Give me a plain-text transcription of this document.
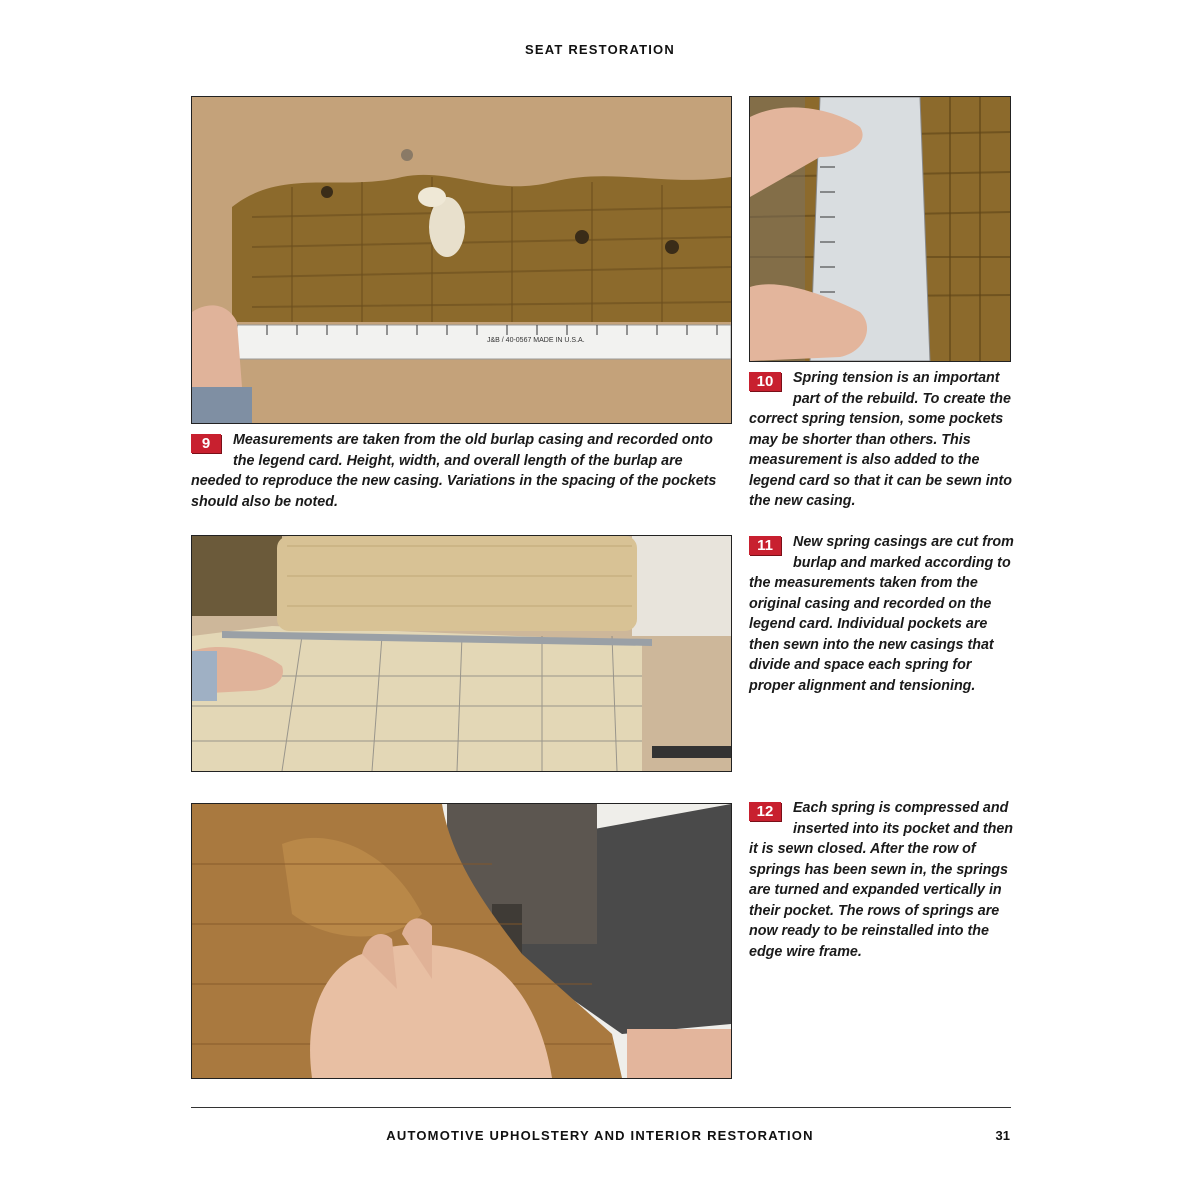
SEAT RESTORATION
J&B / 40-0567 MADE IN U.S.A.
9	Measurements are taken from the old burlap casing and recorded onto the legend card. Height, width, and overall length of the burlap are needed to reproduce the new casing. Variations in the spacing of the pockets should also be noted.
10	Spring tension is an important part of the rebuild. To create the correct spring tension, some pockets may be shorter than others. This measurement is also added to the legend card so that it can be sewn into the new casing.
11	New spring casings are cut from burlap and marked according to the measurements taken from the original casing and recorded on the legend card. Individual pockets are then sewn into the new casings that divide and space each spring for proper alignment and tensioning.
12	Each spring is compressed and inserted into its pocket and then it is sewn closed. After the row of springs has been sewn in, the springs are turned and expanded vertically in their pocket. The rows of springs are now ready to be reinstalled into the edge wire frame.
AUTOMOTIVE UPHOLSTERY AND INTERIOR RESTORATION	31
